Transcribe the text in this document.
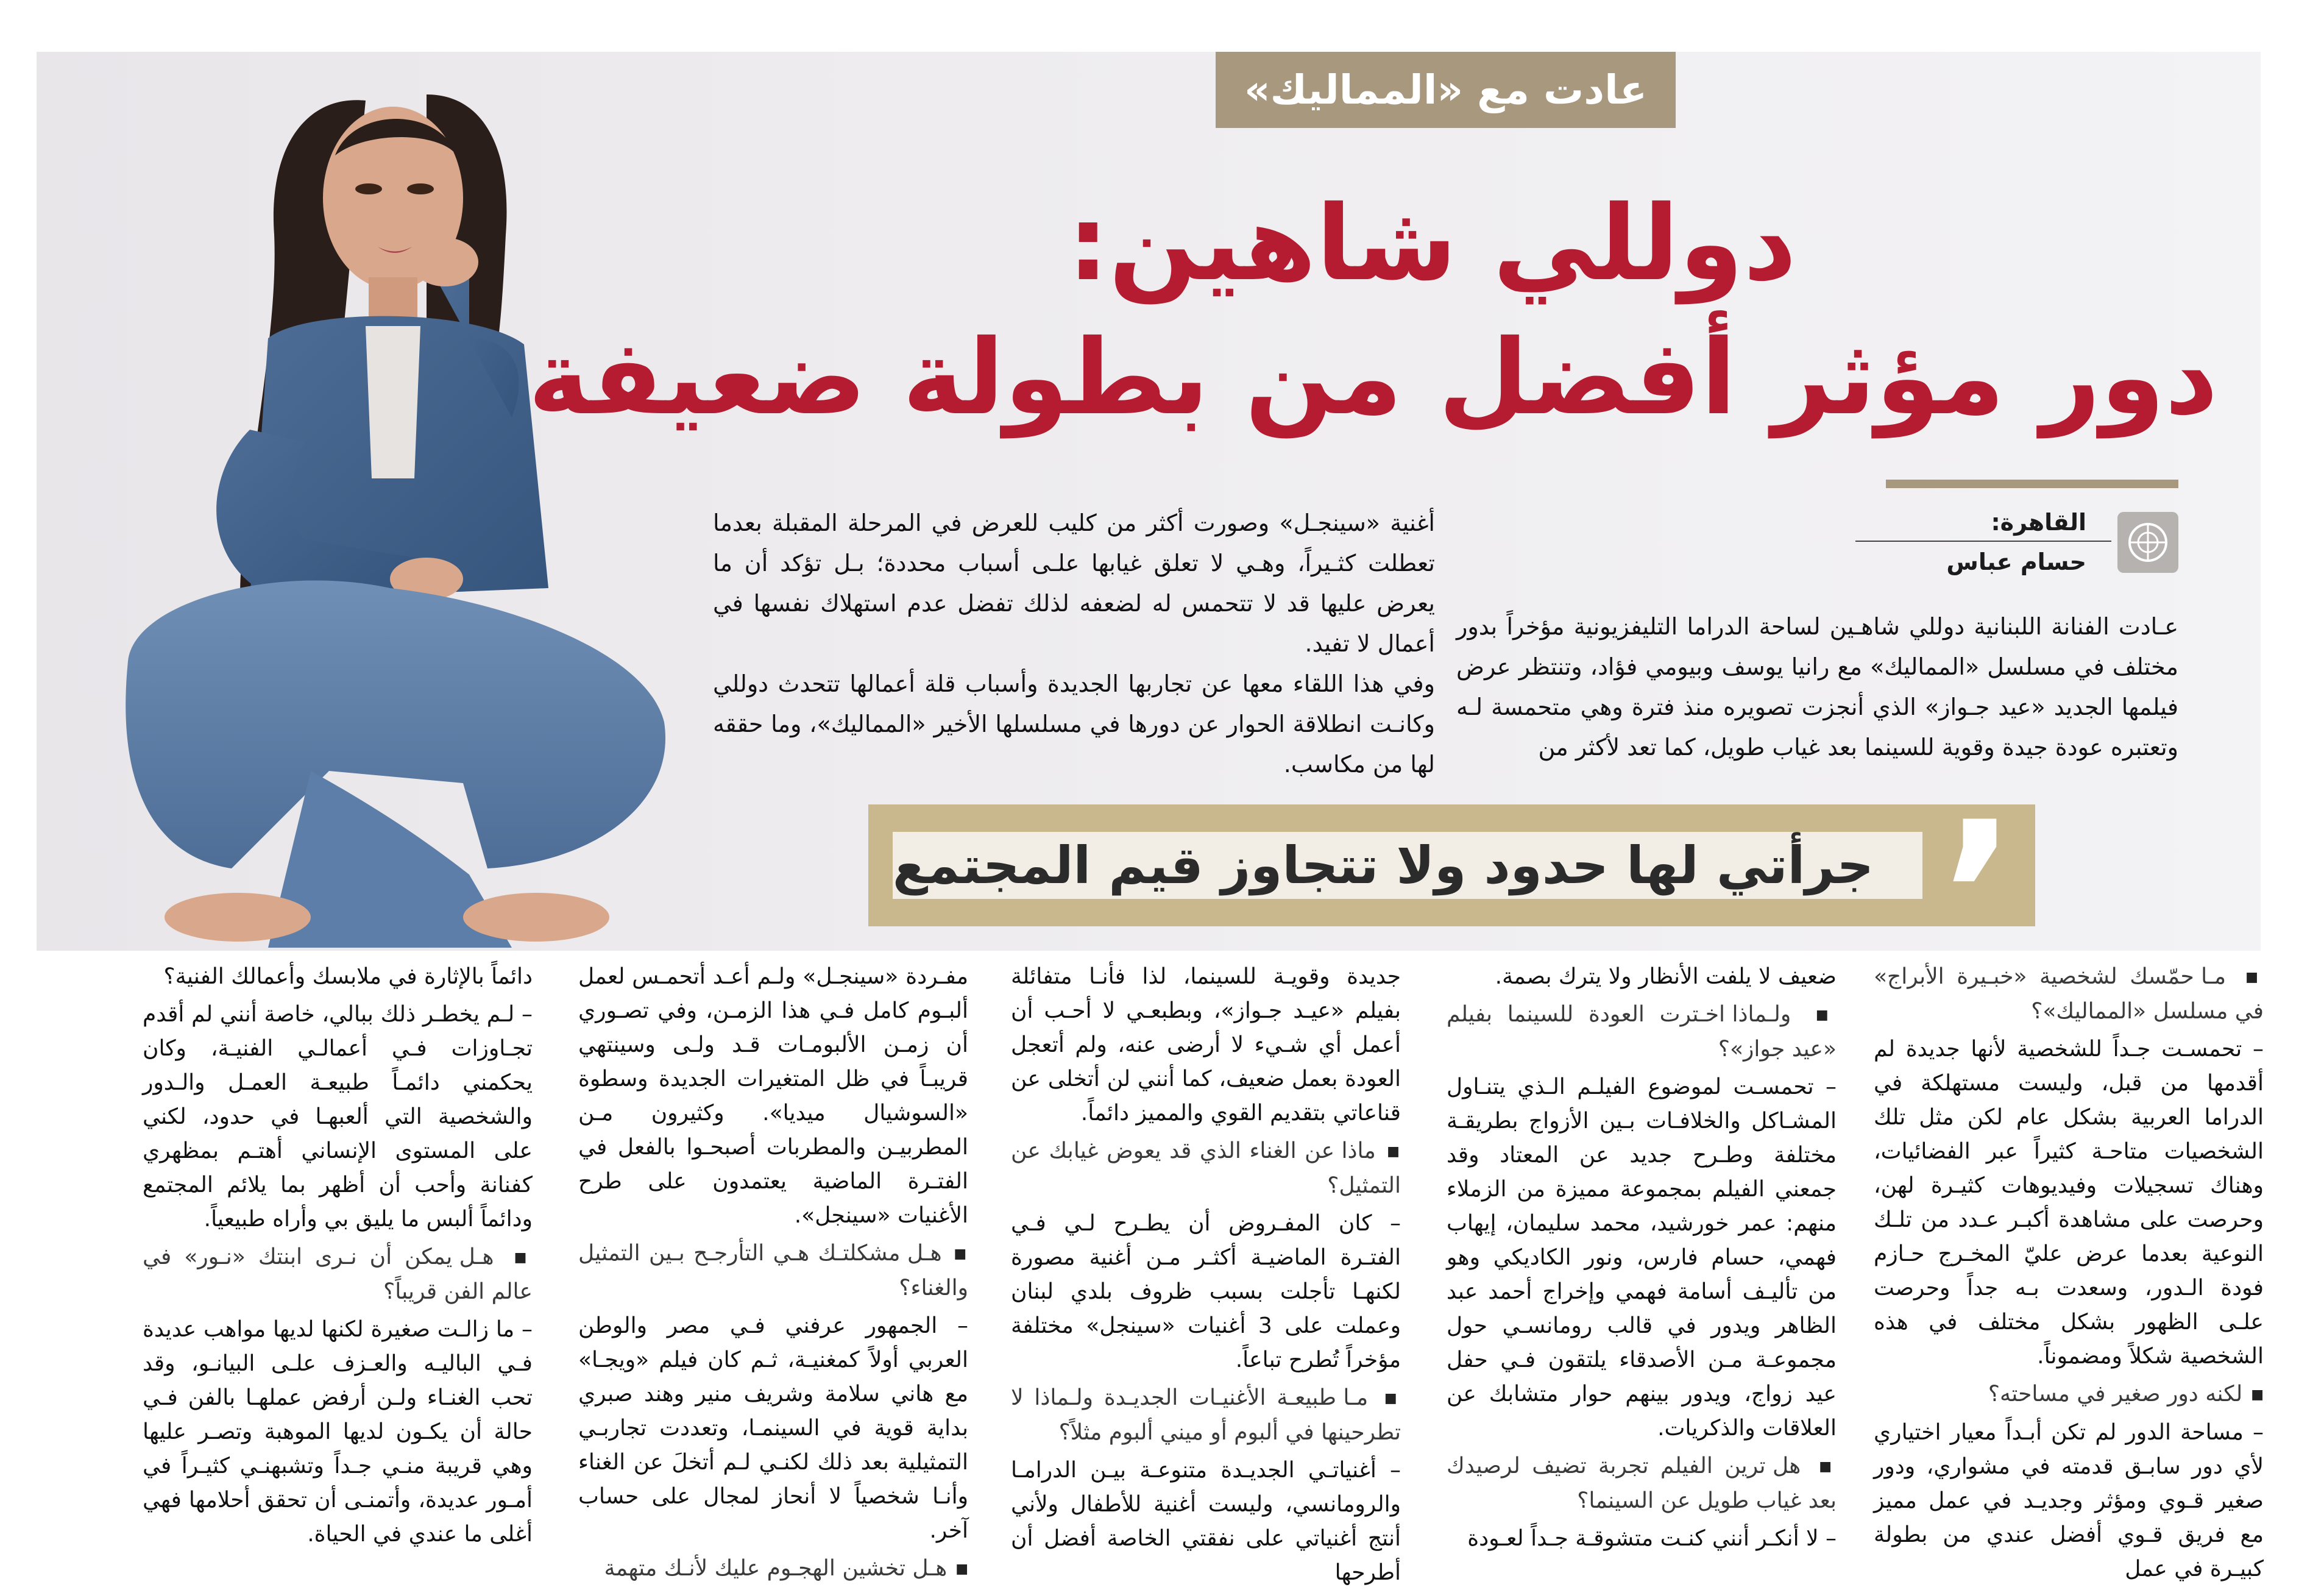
عادت مع «المماليك»
دوللي شاهين:
دور مؤثر أفضل من بطولة ضعيفة
القاهرة:
حسام عباس
عـادت الفنانة اللبنانية دوللي شاهـين لساحة الدراما التليفزيونية مؤخراً بدور مختلف في مسلسل «المماليك» مع رانيا يوسف وبيومي فؤاد، وتنتظر عرض فيلمها الجديد «عيد جـواز» الذي أنجزت تصويره منذ فترة وهي متحمسة لـه وتعتبره عودة جيدة وقوية للسينما بعد غياب طويل، كما تعد لأكثر من
أغنية «سينجـل» وصورت أكثر من كليب للعرض في المرحلة المقبلة بعدما تعطلت كثـيراً، وهـي لا تعلق غيابها علـى أسباب محددة؛ بـل تؤكد أن ما يعرض عليها قد لا تتحمس له لضعفه لذلك تفضل عدم استهلاك نفسها في أعمال لا تفيد.
وفي هذا اللقاء معها عن تجاربها الجديدة وأسباب قلة أعمالها تتحدث دوللي وكانـت انطلاقة الحوار عن دورها في مسلسلها الأخير «المماليك»، وما حققه لها من مكاسب.
جرأتي لها حدود ولا تتجاوز قيم المجتمع ’

■  مـا حمّسك لشخصية «خبـيرة الأبراج» في مسلسل «المماليك»؟

– تحمسـت جـداً للشخصية لأنها جديدة لم أقدمها من قبل، وليست مستهلكة في الدراما العربية بشكل عام لكن مثل تلك الشخصيات متاحـة كثيراً عبر الفضائيات، وهناك تسجيلات وفيديوهات كثيـرة لهن، وحرصت على مشاهدة أكبـر عـدد من تلـك النوعية بعدما عرض عليّ المخـرج حـازم فودة الـدور، وسعدت بـه جداً وحرصت علـى الظهور بشكل مختلف في هذه الشخصية شكلاً ومضموناً.

■  لكنه دور صغير في مساحته؟

– مساحة الدور لم تكن أبـداً معيار اختياري لأي دور سابـق قدمته في مشواري، ودور صغير قـوي ومؤثر وجديـد في عمل مميز مع فريق قـوي أفضل عندي من بطولة كبيـرة في عمل

ضعيف لا يلفت الأنظار ولا يترك بصمة.

■  ولـماذا اخـترت العودة للسينما بفيلم «عيد جواز»؟

– تحمسـت لموضوع الفيلـم الـذي يتنـاول المشـاكل والخلافـات بـين الأزواج بطريقـة مختلفة وطـرح جديد عن المعتاد وقد جمعني الفيلم بمجموعة مميزة من الزملاء منهم: عمر خورشيد، محمد سليمان، إيهاب فهمي، حسام فارس، ونور الكاديكي وهو من تأليـف أسامة فهمي وإخراج أحمد عبد الظاهر ويدور في قالب رومانسـي حول مجموعـة مـن الأصدقاء يلتقون فـي حفل عيد زواج، ويدور بينهم حوار متشابك عن العلاقات والذكريات.

■  هل ترين الفيلم تجربة تضيف لرصيدك بعد غياب طويل عن السينما؟

– لا أنكـر أنني كنـت متشوقـة جـداً لعـودة

جديدة وقويـة للسينما، لذا فأنـا متفائلة بفيلم «عيـد جـواز»، وبطبعـي لا أحـب أن أعمل أي شـيء لا أرضى عنه، ولم أتعجل العودة بعمل ضعيف، كما أنني لن أتخلى عن قناعاتي بتقديم القوي والمميز دائماً.

■  ماذا عن الغناء الذي قد يعوض غيابك عن التمثيل؟

– كان المفـروض أن يطـرح لـي فـي الفتـرة الماضيـة أكثـر مـن أغنية مصورة لكنهـا تأجلت بسبب ظروف بلدي لبنان وعملت على 3 أغنيات «سينجل» مختلفة مؤخراً تُطرح تباعاً.

■  مـا طبيعـة الأغنيـات الجديـدة ولـماذا لا تطرحينها في ألبوم أو ميني ألبوم مثلاً؟

– أغنياتـي الجديـدة متنوعـة بيـن الدرامـا والرومانسي، وليست أغنية للأطفال ولأني أنتج أغنياتي على نفقتي الخاصة أفضل أن أطرحها

مفـردة «سينجـل» ولـم أعـد أتحمـس لعمل ألبـوم كامل فـي هذا الزمـن، وفي تصـوري أن زمـن الألبومـات قـد ولـى وسينتهي قريبـاً في ظل المتغيرات الجديدة وسطوة «السوشيال ميديا». وكثيرون مـن المطربيـن والمطربات أصبحـوا بالفعل في الفتـرة الماضية يعتمدون على طرح الأغنيات «سينجل».

■  هـل مشكلتـك هـي التأرجـح بـين التمثيل والغناء؟

– الجمهور عرفني فـي مصر والوطن العربي أولاً كمغنيـة، ثـم كان فيلم «ويجـا» مع هاني سلامة وشريف منير وهند صبري بداية قوية في السينمـا، وتعددت تجاربـي التمثيلية بعد ذلك لكنـي لـم أتخلَ عن الغناء وأنـا شخصياً لا أنحاز لمجال على حساب آخر.

■  هـل تخشين الهجـوم عليك لأنـك متهمة

دائماً بالإثارة في ملابسك وأعمالك الفنية؟

– لـم يخطـر ذلك ببالي، خاصة أنني لم أقدم تجـاوزات فـي أعمالـي الفنيـة، وكان يحكمني دائمـاً طبيعـة العمـل والـدور والشخصية التي ألعبهـا في حدود، لكني على المستوى الإنساني أهتـم بمظهري كفنانة وأحب أن أظهر بما يلائم المجتمع ودائماً ألبس ما يليق بي وأراه طبيعياً.

■  هـل يمكن أن نـرى ابنتك «نـور» في عالم الفن قريباً؟

– ما زالـت صغيرة لكنها لديها مواهب عديدة فـي الباليـه والعـزف علـى البيانـو، وقد تحب الغنـاء ولـن أرفض عملهـا بالفن فـي حالة أن يكـون لديها الموهبة وتصـر عليها وهي قريبة منـي جـداً وتشبهنـي كثيـراً في أمـور عديدة، وأتمنـى أن تحقق أحلامها فهي أغلى ما عندي في الحياة.
